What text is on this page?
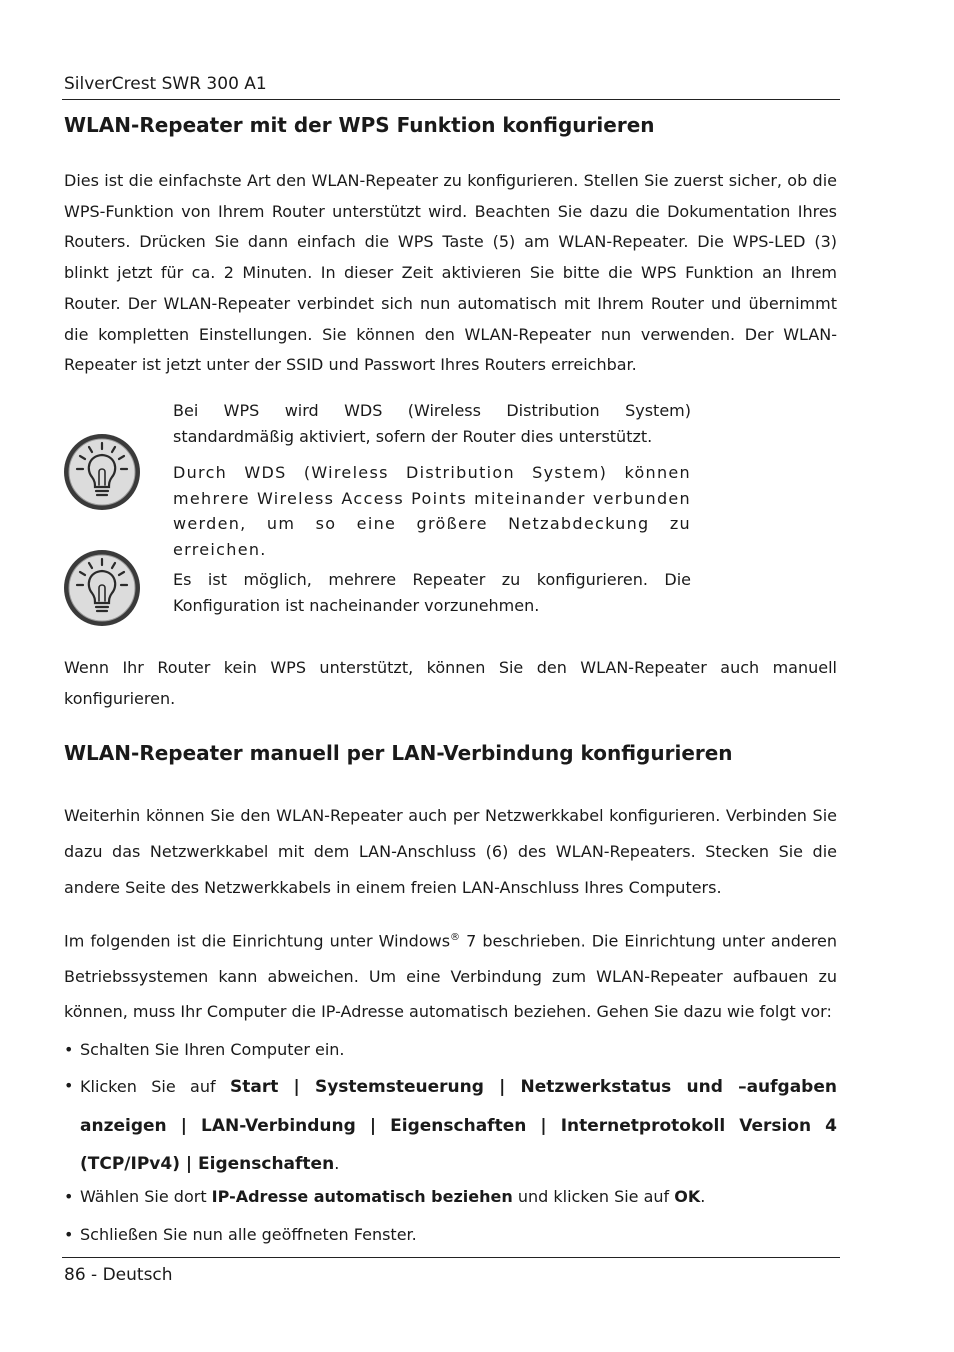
SilverCrest SWR 300 A1
WLAN-Repeater mit der WPS Funktion konfigurieren
Dies ist die einfachste Art den WLAN-Repeater zu konfigurieren. Stellen Sie zuerst sicher, ob die WPS-Funktion von Ihrem Router unterstützt wird. Beachten Sie dazu die Dokumentation Ihres Routers. Drücken Sie dann einfach die WPS Taste (5) am WLAN-Repeater. Die WPS-LED (3) blinkt jetzt für ca. 2 Minuten. In dieser Zeit aktivieren Sie bitte die WPS Funktion an Ihrem Router. Der WLAN-Repeater verbindet sich nun automatisch mit Ihrem Router und übernimmt die kompletten Einstellungen. Sie können den WLAN-Repeater nun verwenden. Der WLAN-Repeater ist jetzt unter der SSID und Passwort Ihres Routers erreichbar.
Bei WPS wird WDS (Wireless Distribution System) standardmäßig aktiviert, sofern der Router dies unterstützt.
Durch WDS (Wireless Distribution System) können mehrere Wireless Access Points miteinander verbunden werden, um so eine größere Netzabdeckung zu erreichen.
Es ist möglich, mehrere Repeater zu konfigurieren. Die Konfiguration ist nacheinander vorzunehmen.
Wenn Ihr Router kein WPS unterstützt, können Sie den WLAN-Repeater auch manuell konfigurieren.
WLAN-Repeater manuell per LAN-Verbindung konfigurieren
Weiterhin können Sie den WLAN-Repeater auch per Netzwerkkabel konfigurieren. Verbinden Sie dazu das Netzwerkkabel mit dem LAN-Anschluss (6) des WLAN-Repeaters. Stecken Sie die andere Seite des Netzwerkkabels in einem freien LAN-Anschluss Ihres Computers.
Im folgenden ist die Einrichtung unter Windows® 7 beschrieben. Die Einrichtung unter anderen Betriebssystemen kann abweichen. Um eine Verbindung zum WLAN-Repeater aufbauen zu können, muss Ihr Computer die IP-Adresse automatisch beziehen. Gehen Sie dazu wie folgt vor:
• Schalten Sie Ihren Computer ein.
• Klicken Sie auf Start | Systemsteuerung | Netzwerkstatus und –aufgaben anzeigen | LAN-Verbindung | Eigenschaften | Internetprotokoll Version 4 (TCP/IPv4) | Eigenschaften.
• Wählen Sie dort IP-Adresse automatisch beziehen und klicken Sie auf OK.
• Schließen Sie nun alle geöffneten Fenster.
86 - Deutsch
